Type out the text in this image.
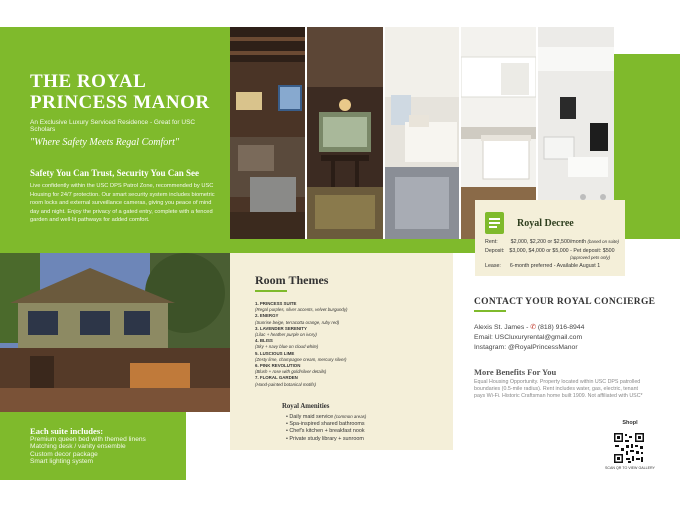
THE ROYAL
PRINCESS MANOR
An Exclusive Luxury Serviced Residence - Great for USC Scholars
"Where Safety Meets Regal Comfort"
Safety You Can Trust, Security You Can See
Live confidently within the USC DPS Patrol Zone, recommended by USC Housing for 24/7 protection. Our smart security system includes biometric room locks and external surveillance cameras, giving you peace of mind day and night. Enjoy the privacy of a gated entry, complete with a fenced garden and well-lit pathways for added comfort.	Royal Decree
Rent: $2,000, $2,200 or $2,500/month (based on suite)
Deposit: $3,000, $4,000 or $5,000 - Pet deposit: $500
(approved pets only)
Lease: 6-month preferred - Available August 1
Room Themes
1. PRINCESS SUITE
(Regal purples, silver accents, velvet burgundy)
2. ENERGY
(Sunrise beige, terracotta orange, ruby red)
3. LAVENDER SERENITY
(Lilac + heather purple on ivory)
4. BLISS
(Sky + navy blue on cloud white)
5. LUSCIOUS LIME
(Zesty lime, champagne cream, mercury silver)
6. PINK REVOLUTION
(Blush + rose with gold/silver details)
7. FLORAL GARDEN
(Hand-painted botanical motifs)
Royal Amenities
• Daily maid service (common areas)
• Spa-inspired shared bathrooms
• Chef's kitchen + breakfast nook
• Private study library + sunroom
CONTACT YOUR ROYAL CONCIERGE
Alexis St. James - ✆ (818) 916-8944
Email: USCluxuryrental@gmail.com
Instagram: @RoyalPrincessManor
More Benefits For You
Equal Housing Opportunity. Property located within USC DPS patrolled boundaries (0.5-mile radius). Rent includes water, gas, electric, tenant pays Wi-Fi. Historic Craftsman home built 1909. Not affiliated with USC*
Shopl
SCAN QR TO VIEW GALLERY
Each suite includes:
Premium queen bed with themed linens
Matching desk / vanity ensemble
Custom decor package
Smart lighting system
